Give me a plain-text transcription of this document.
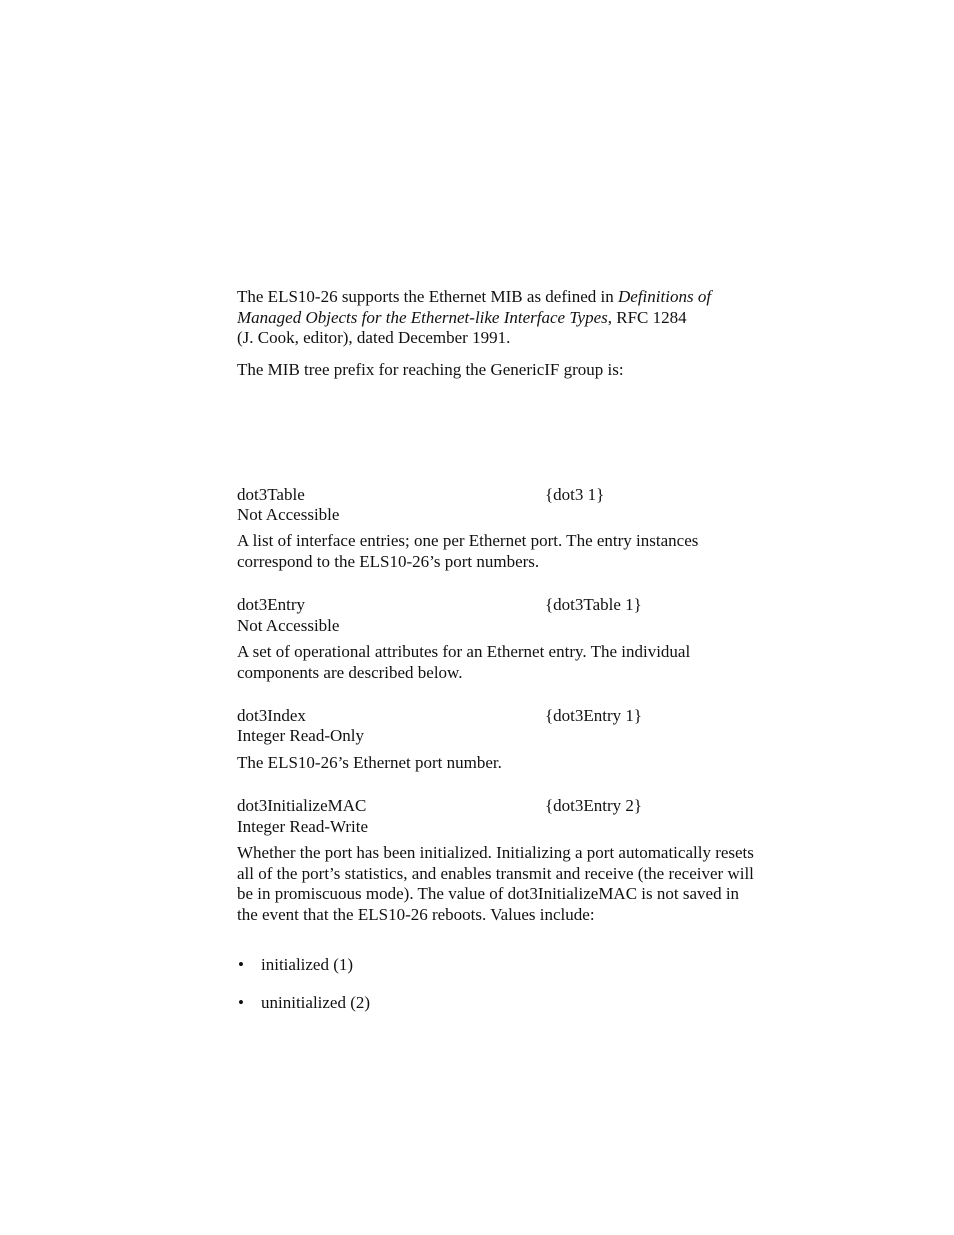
The ELS10-26 supports the Ethernet MIB as defined in Definitions of Managed Objects for the Ethernet-like Interface Types, RFC 1284
(J. Cook, editor), dated December 1991.

The MIB tree prefix for reaching the GenericIF group is:

dot3Table	{dot3 1}
Not Accessible

A list of interface entries; one per Ethernet port. The entry instances correspond to the ELS10-26’s port numbers.

dot3Entry	{dot3Table 1}
Not Accessible

A set of operational attributes for an Ethernet entry. The individual components are described below.

dot3Index	{dot3Entry 1}
Integer Read-Only

The ELS10-26’s Ethernet port number.

dot3InitializeMAC	{dot3Entry 2}
Integer Read-Write

Whether the port has been initialized. Initializing a port automatically resets all of the port’s statistics, and enables transmit and receive (the receiver will be in promiscuous mode). The value of dot3InitializeMAC is not saved in the event that the ELS10-26 reboots. Values include:

• initialized (1)
• uninitialized (2)
